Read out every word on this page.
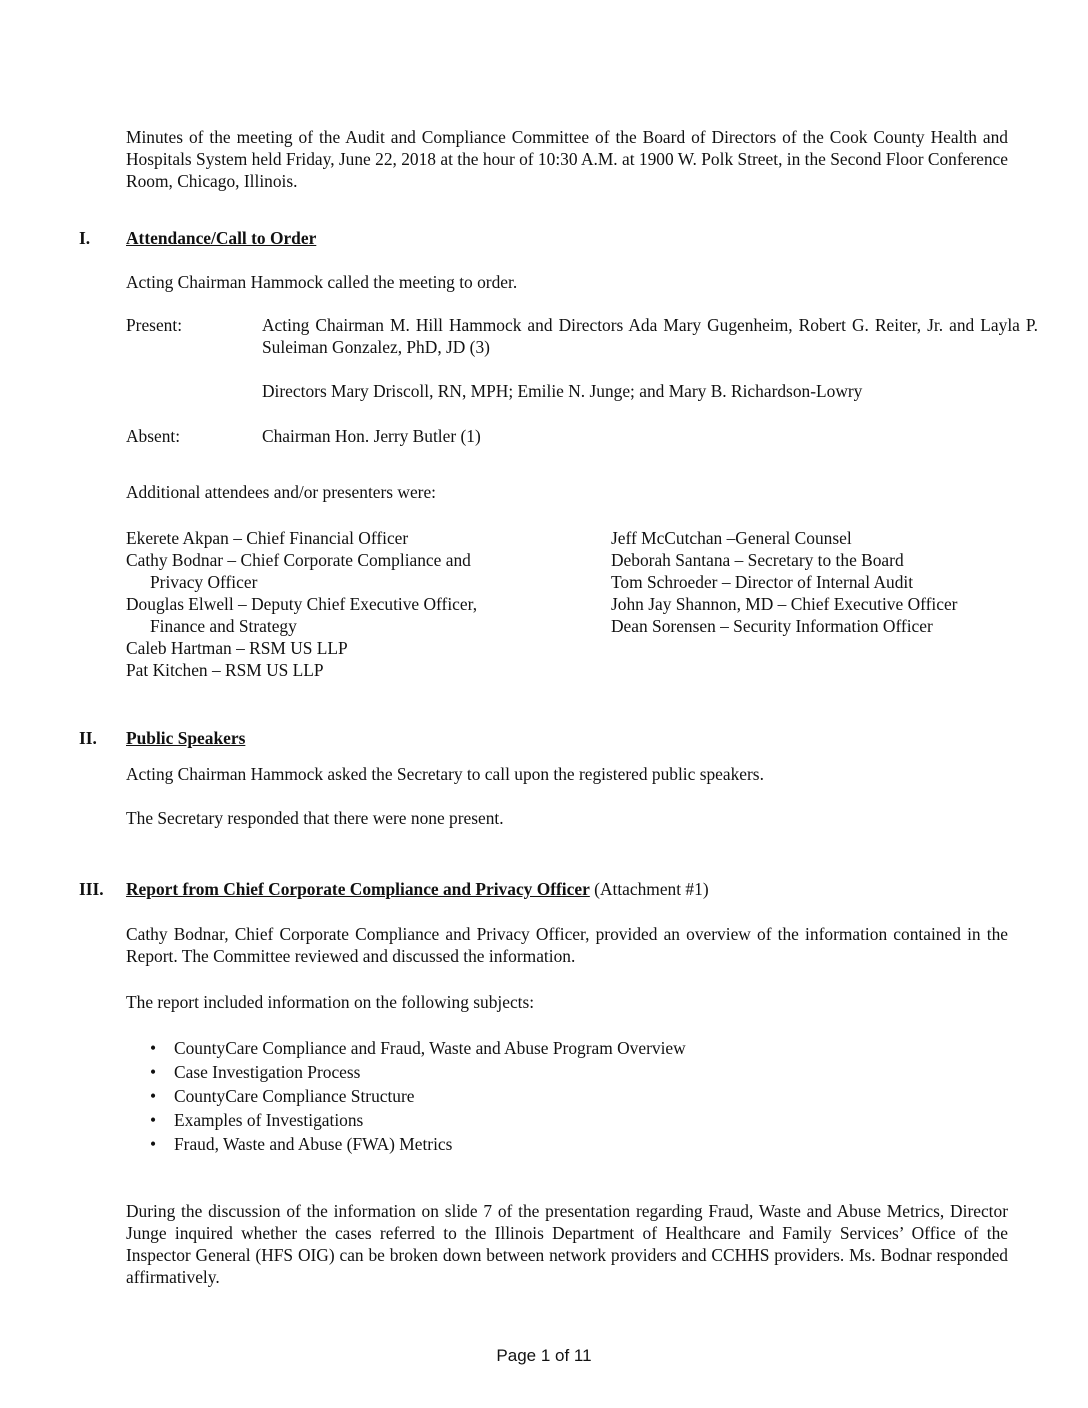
Minutes of the meeting of the Audit and Compliance Committee of the Board of Directors of the Cook County Health and Hospitals System held Friday, June 22, 2018 at the hour of 10:30 A.M. at 1900 W. Polk Street, in the Second Floor Conference Room, Chicago, Illinois.

I. Attendance/Call to Order

Acting Chairman Hammock called the meeting to order.

Present:	Acting Chairman M. Hill Hammock and Directors Ada Mary Gugenheim, Robert G. Reiter, Jr. and Layla P. Suleiman Gonzalez, PhD, JD (3)

Directors Mary Driscoll, RN, MPH; Emilie N. Junge; and Mary B. Richardson-Lowry

Absent:	Chairman Hon. Jerry Butler (1)

Additional attendees and/or presenters were:

Ekerete Akpan – Chief Financial Officer
Cathy Bodnar – Chief Corporate Compliance and
Privacy Officer
Douglas Elwell – Deputy Chief Executive Officer,
Finance and Strategy
Caleb Hartman – RSM US LLP
Pat Kitchen – RSM US LLP
Jeff McCutchan –General Counsel
Deborah Santana – Secretary to the Board
Tom Schroeder – Director of Internal Audit
John Jay Shannon, MD – Chief Executive Officer
Dean Sorensen – Security Information Officer
II. Public Speakers

Acting Chairman Hammock asked the Secretary to call upon the registered public speakers.

The Secretary responded that there were none present.

III. Report from Chief Corporate Compliance and Privacy Officer (Attachment #1)

Cathy Bodnar, Chief Corporate Compliance and Privacy Officer, provided an overview of the information contained in the Report. The Committee reviewed and discussed the information.

The report included information on the following subjects:

• CountyCare Compliance and Fraud, Waste and Abuse Program Overview
• Case Investigation Process
• CountyCare Compliance Structure
• Examples of Investigations
• Fraud, Waste and Abuse (FWA) Metrics

During the discussion of the information on slide 7 of the presentation regarding Fraud, Waste and Abuse Metrics, Director Junge inquired whether the cases referred to the Illinois Department of Healthcare and Family Services’ Office of the Inspector General (HFS OIG) can be broken down between network providers and CCHHS providers. Ms. Bodnar responded affirmatively.

Page 1 of 11
